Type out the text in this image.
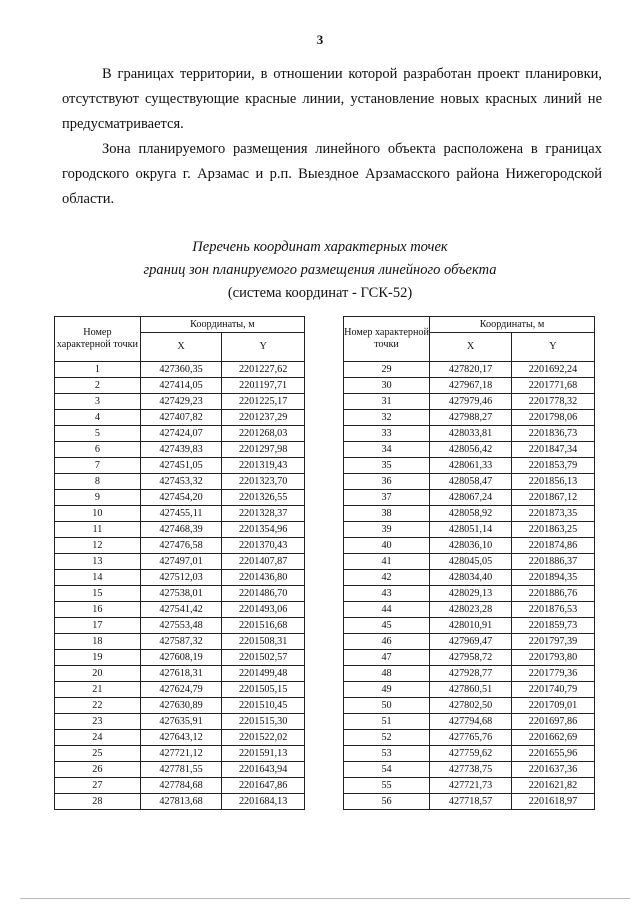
3
В границах территории, в отношении которой разработан проект планировки, отсутствуют существующие красные линии, установление новых красных линий не предусматривается.
Зона планируемого размещения линейного объекта расположена в границах городского округа г. Арзамас и р.п. Выездное Арзамасского района Нижегородской области.
Перечень координат характерных точек
границ зон планируемого размещения линейного объекта
(система координат - ГСК-52)
Номер характерной точки	Координаты, м	
	X	Y
1	427360,35	2201227,62
2	427414,05	2201197,71
3	427429,23	2201225,17
4	427407,82	2201237,29
5	427424,07	2201268,03
6	427439,83	2201297,98
7	427451,05	2201319,43
8	427453,32	2201323,70
9	427454,20	2201326,55
10	427455,11	2201328,37
11	427468,39	2201354,96
12	427476,58	2201370,43
13	427497,01	2201407,87
14	427512,03	2201436,80
15	427538,01	2201486,70
16	427541,42	2201493,06
17	427553,48	2201516,68
18	427587,32	2201508,31
19	427608,19	2201502,57
20	427618,31	2201499,48
21	427624,79	2201505,15
22	427630,89	2201510,45
23	427635,91	2201515,30
24	427643,12	2201522,02
25	427721,12	2201591,13
26	427781,55	2201643,94
27	427784,68	2201647,86
28	427813,68	2201684,13
Номер характерной точки	Координаты, м	
	X	Y
29	427820,17	2201692,24
30	427967,18	2201771,68
31	427979,46	2201778,32
32	427988,27	2201798,06
33	428033,81	2201836,73
34	428056,42	2201847,34
35	428061,33	2201853,79
36	428058,47	2201856,13
37	428067,24	2201867,12
38	428058,92	2201873,35
39	428051,14	2201863,25
40	428036,10	2201874,86
41	428045,05	2201886,37
42	428034,40	2201894,35
43	428029,13	2201886,76
44	428023,28	2201876,53
45	428010,91	2201859,73
46	427969,47	2201797,39
47	427958,72	2201793,80
48	427928,77	2201779,36
49	427860,51	2201740,79
50	427802,50	2201709,01
51	427794,68	2201697,86
52	427765,76	2201662,69
53	427759,62	2201655,96
54	427738,75	2201637,36
55	427721,73	2201621,82
56	427718,57	2201618,97
